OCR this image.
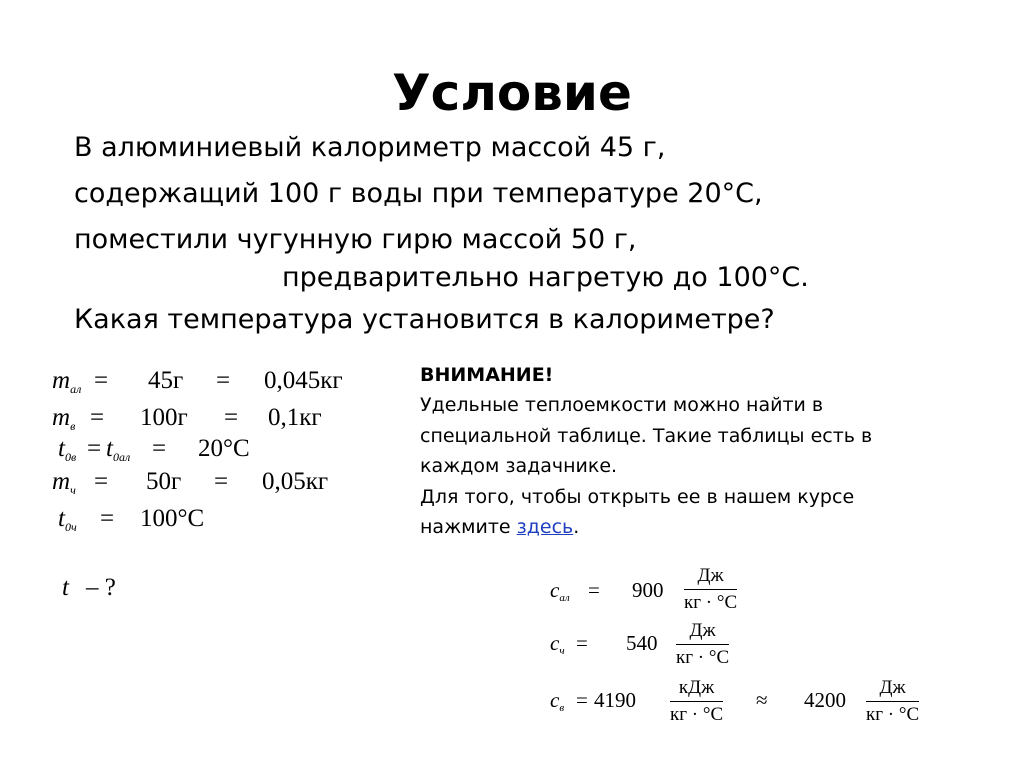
Условие
В алюминиевый калориметр массой 45 г,
содержащий 100 г воды при температуре 20°С,
поместили чугунную гирю массой 50 г,
предварительно нагретую до 100°С.
Какая температура установится в калориметре?
$m_{ал} = 45г = 0,045кг$
$m_в = 100г = 0,1кг$
$t_{0в} = t_{0ал} = 20^\circ C$
$m_ч = 50г = 0,05кг$
$t_{0ч} = 100^\circ C$
t – ?
ВНИМАНИЕ!
Удельные теплоемкости можно найти в
специальной таблице. Такие таблицы есть в
каждом задачнике.
Для того, чтобы открыть ее в нашем курсе
нажмите здесь.
$c_{ал} = 900$
Дж
кг · °С
$c_ч = 540$
Дж
кг · °С
$c_в = 4190$	≈ 4200
кДж
кг · °С
Дж
кг · °С
